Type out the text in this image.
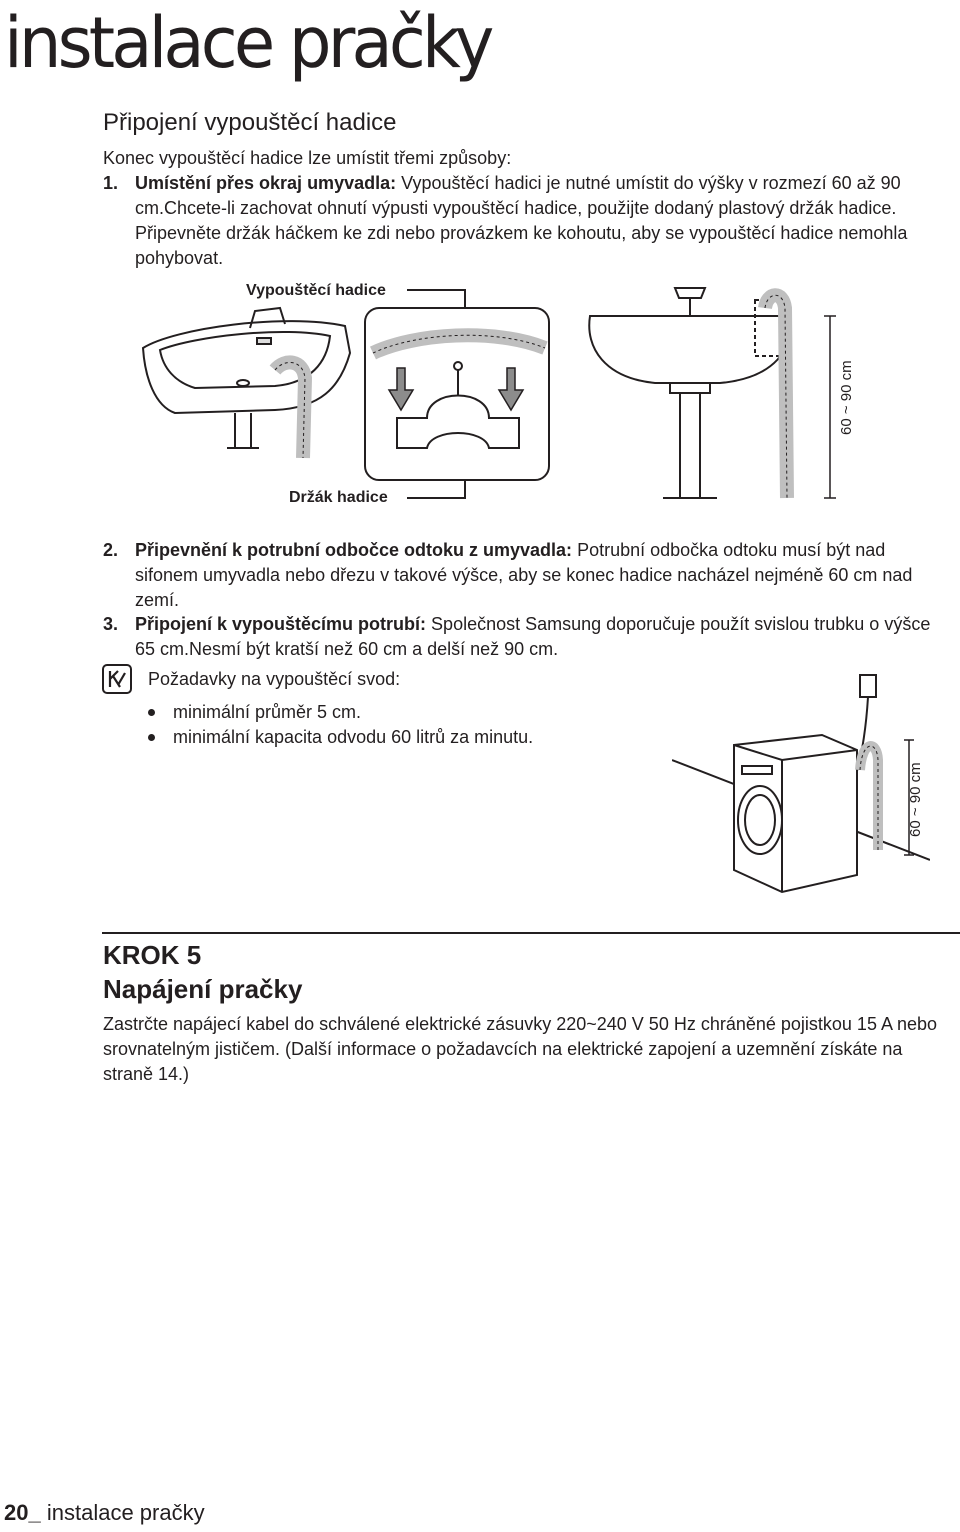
instalace pračky
Připojení vypouštěcí hadice
Konec vypouštěcí hadice lze umístit třemi způsoby:
1. Umístění přes okraj umyvadla: Vypouštěcí hadici je nutné umístit do výšky v rozmezí 60 až 90 cm.Chcete-li zachovat ohnutí výpusti vypouštěcí hadice, použijte dodaný plastový držák hadice. Připevněte držák háčkem ke zdi nebo provázkem ke kohoutu, aby se vypouštěcí hadice nemohla pohybovat.
Vypouštěcí hadice
Držák hadice
60 ~ 90 cm
2. Připevnění k potrubní odbočce odtoku z umyvadla: Potrubní odbočka odtoku musí být nad sifonem umyvadla nebo dřezu v takové výšce, aby se konec hadice nacházel nejméně 60 cm nad zemí.
3. Připojení k vypouštěcímu potrubí: Společnost Samsung doporučuje použít svislou trubku o výšce 65 cm.Nesmí být kratší než 60 cm a delší než 90 cm.
Požadavky na vypouštěcí svod:
minimální průměr 5 cm.
minimální kapacita odvodu 60 litrů za minutu.
60 ~ 90 cm
KROK 5
Napájení pračky
Zastrčte napájecí kabel do schválené elektrické zásuvky 220~240 V 50 Hz chráněné pojistkou 15 A nebo srovnatelným jističem. (Další informace o požadavcích na elektrické zapojení a uzemnění získáte na straně 14.)
20_ instalace pračky
